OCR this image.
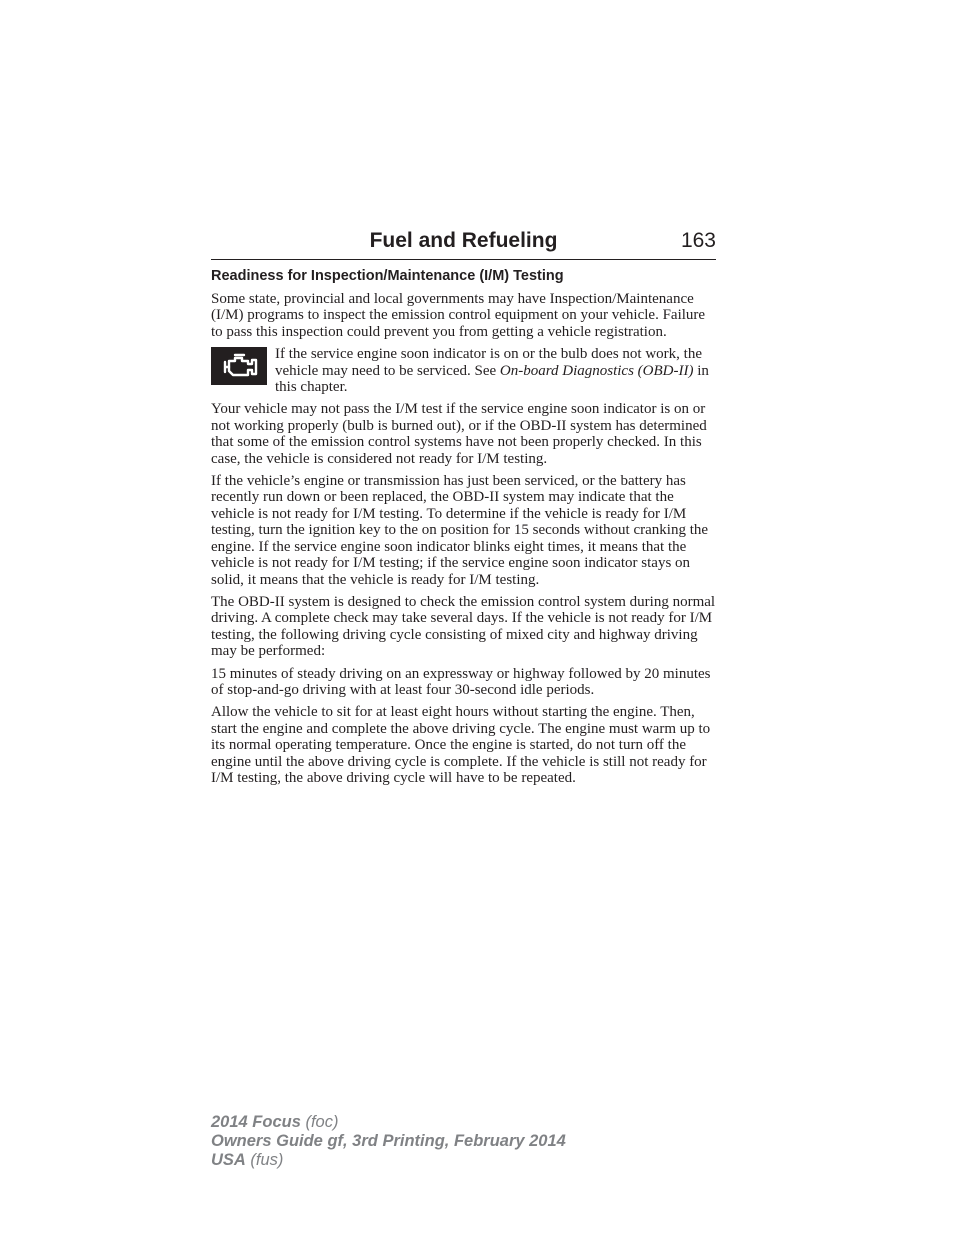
Fuel and Refueling	163
Readiness for Inspection/Maintenance (I/M) Testing

Some state, provincial and local governments may have Inspection/Maintenance (I/M) programs to inspect the emission control equipment on your vehicle. Failure to pass this inspection could prevent you from getting a vehicle registration.

If the service engine soon indicator is on or the bulb does not work, the vehicle may need to be serviced. See On-board Diagnostics (OBD-II) in this chapter.

Your vehicle may not pass the I/M test if the service engine soon indicator is on or not working properly (bulb is burned out), or if the OBD-II system has determined that some of the emission control systems have not been properly checked. In this case, the vehicle is considered not ready for I/M testing.

If the vehicle’s engine or transmission has just been serviced, or the battery has recently run down or been replaced, the OBD-II system may indicate that the vehicle is not ready for I/M testing. To determine if the vehicle is ready for I/M testing, turn the ignition key to the on position for 15 seconds without cranking the engine. If the service engine soon indicator blinks eight times, it means that the vehicle is not ready for I/M testing; if the service engine soon indicator stays on solid, it means that the vehicle is ready for I/M testing.

The OBD-II system is designed to check the emission control system during normal driving. A complete check may take several days. If the vehicle is not ready for I/M testing, the following driving cycle consisting of mixed city and highway driving may be performed:

15 minutes of steady driving on an expressway or highway followed by 20 minutes of stop-and-go driving with at least four 30-second idle periods.

Allow the vehicle to sit for at least eight hours without starting the engine. Then, start the engine and complete the above driving cycle. The engine must warm up to its normal operating temperature. Once the engine is started, do not turn off the engine until the above driving cycle is complete. If the vehicle is still not ready for I/M testing, the above driving cycle will have to be repeated.

2014 Focus (foc)
Owners Guide gf, 3rd Printing, February 2014
USA (fus)
